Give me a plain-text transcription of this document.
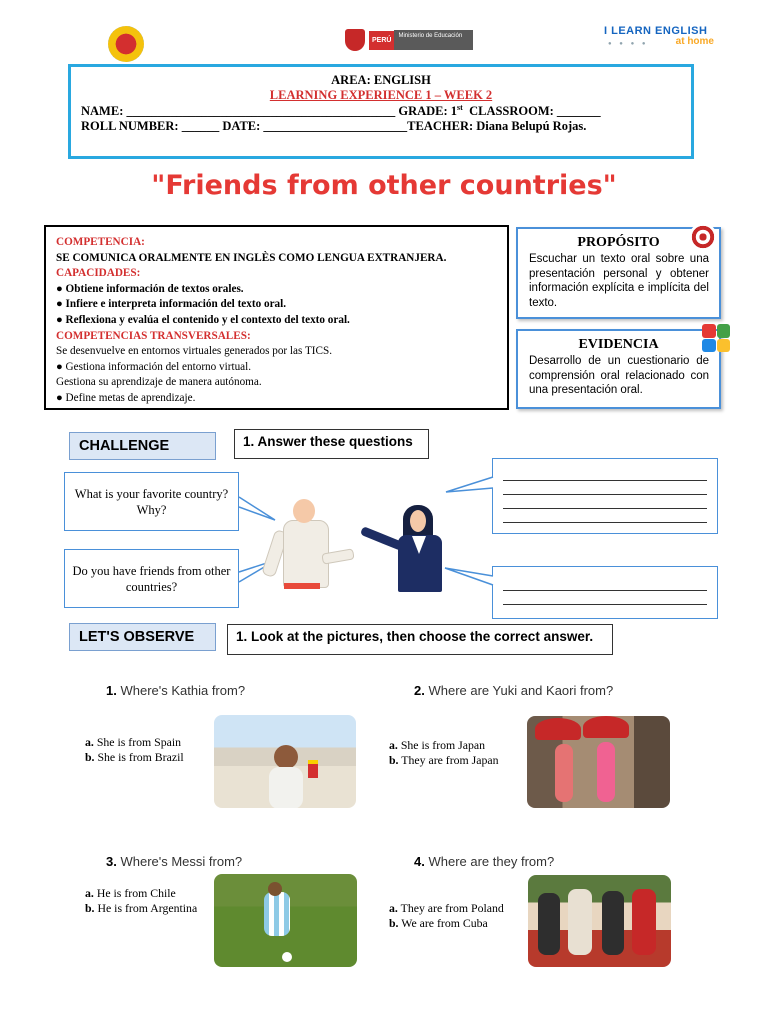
PERÚ
Ministerio de Educación	I LEARN ENGLISH
at home
● ● ● ●
AREA: ENGLISH
LEARNING EXPERIENCE 1 – WEEK 2
NAME: ___________________________________________ GRADE: 1st CLASSROOM: _______
ROLL NUMBER: ______ DATE: _______________________TEACHER: Diana Belupú Rojas.
"Friends from other countries"
COMPETENCIA:
SE COMUNICA ORALMENTE EN INGLÈS COMO LENGUA EXTRANJERA.
CAPACIDADES:
● Obtiene información de textos orales.
● Infiere e interpreta información del texto oral.
● Reflexiona y evalúa el contenido y el contexto del texto oral.
COMPETENCIAS TRANSVERSALES:
Se desenvuelve en entornos virtuales generados por las TICS.
● Gestiona información del entorno virtual.
Gestiona su aprendizaje de manera autónoma.
● Define metas de aprendizaje.
PROPÓSITO
Escuchar un texto oral sobre una presentación personal y obtener información explícita e implícita del texto.
EVIDENCIA
Desarrollo de un cuestionario de comprensión oral relacionado con una presentación oral.
CHALLENGE	1. Answer these questions
What is your favorite country? Why?
Do you have friends from other countries?
LET'S OBSERVE	1. Look at the pictures, then choose the correct answer.
1. Where's Kathia from?
a. She is from Spain
b. She is from Brazil
2. Where are Yuki and Kaori from?
a. She is from Japan
b. They are from Japan
3. Where's Messi from?
a. He is from Chile
b. He is from Argentina
4. Where are they from?
a. They are from Poland
b. We are from Cuba
